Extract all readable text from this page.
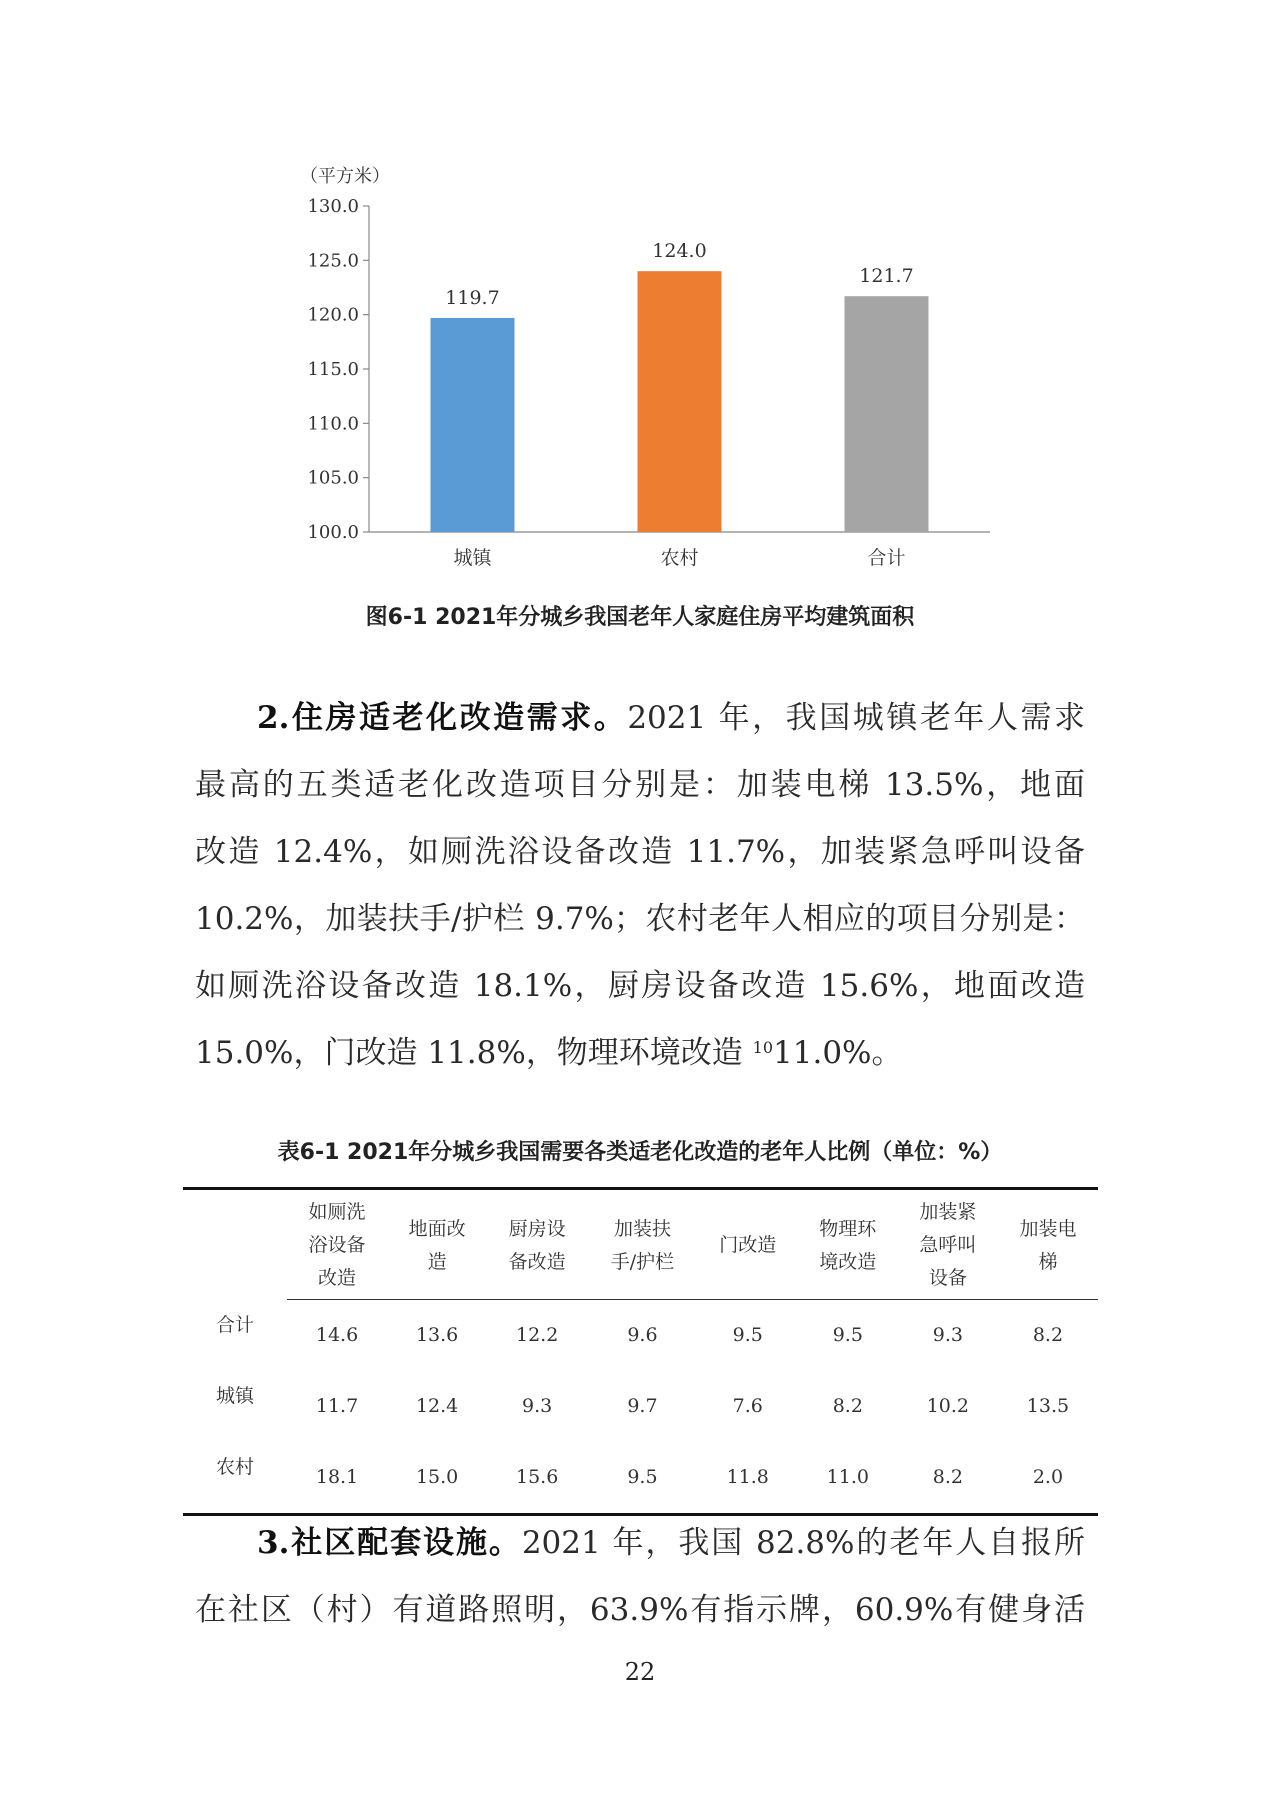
（平方米）
100.0
105.0
110.0
115.0
120.0
125.0
130.0
119.7
城镇
124.0
农村
121.7
合计
图6-1 2021年分城乡我国老年人家庭住房平均建筑面积
2.住房适老化改造需求。2021 年，我国城镇老年人需求
最高的五类适老化改造项目分别是：加装电梯 13.5%，地面
改造 12.4%，如厕洗浴设备改造 11.7%，加装紧急呼叫设备
10.2%，加装扶手/护栏 9.7%；农村老年人相应的项目分别是：
如厕洗浴设备改造 18.1%，厨房设备改造 15.6%，地面改造
15.0%，门改造 11.8%，物理环境改造 $^{10}$11.0%。
表6-1 2021年分城乡我国需要各类适老化改造的老年人比例（单位：%）
	如厕洗
浴设备
改造	地面改
造	厨房设
备改造	加装扶
手/护栏	门改造	物理环
境改造	加装紧
急呼叫
设备	加装电
梯
合计	14.6	13.6	12.2	9.6	9.5	9.5	9.3	8.2
城镇	11.7	12.4	9.3	9.7	7.6	8.2	10.2	13.5
农村	18.1	15.0	15.6	9.5	11.8	11.0	8.2	2.0
3.社区配套设施。2021 年，我国 82.8%的老年人自报所
在社区（村）有道路照明，63.9%有指示牌，60.9%有健身活
22
